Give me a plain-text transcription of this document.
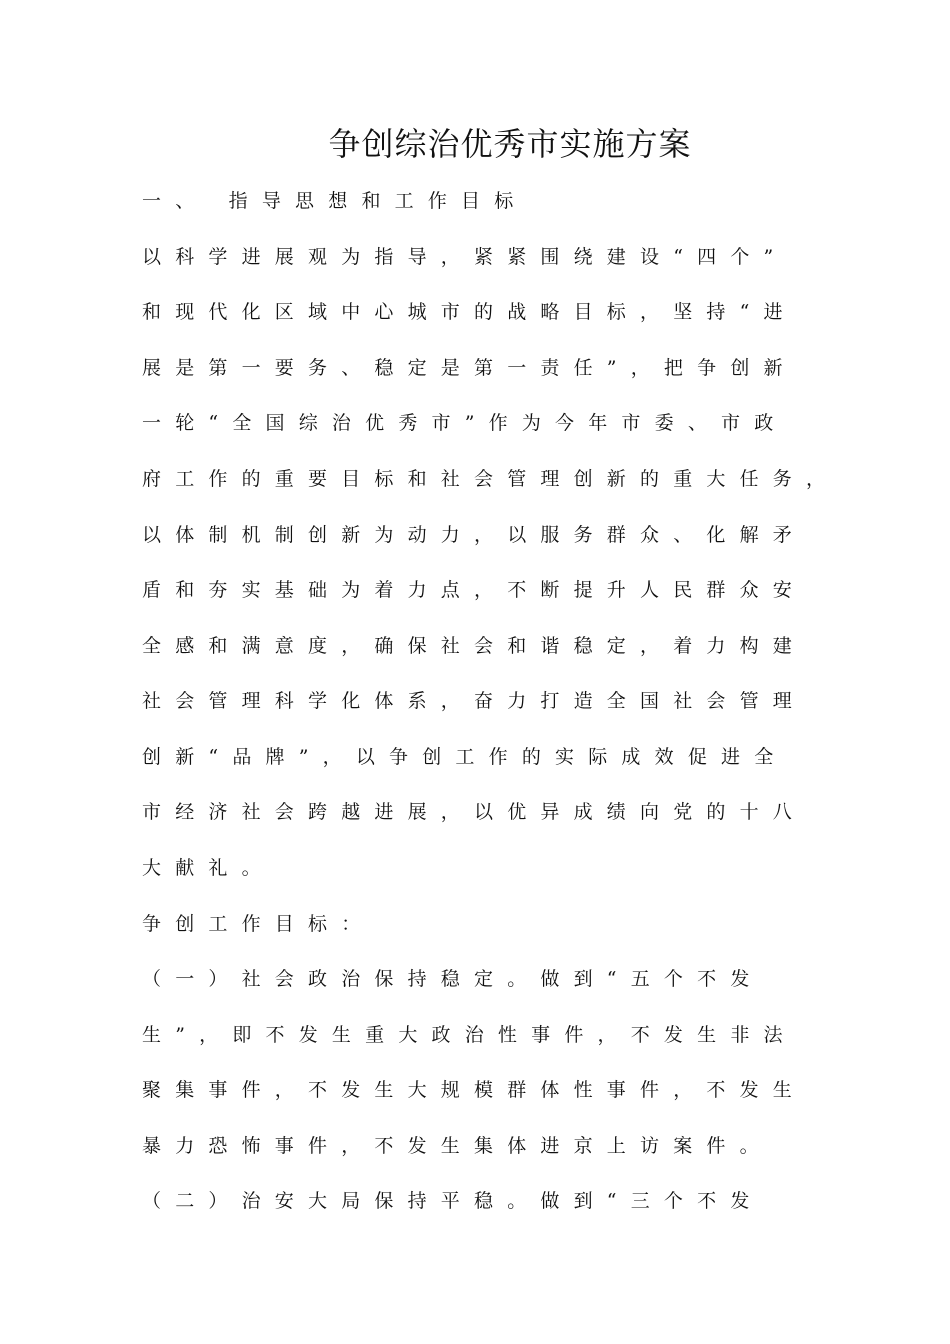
争创综治优秀市实施方案
一、 指导思想和工作目标
以科学进展观为指导，紧紧围绕建设“四个”
和现代化区域中心城市的战略目标，坚持“进
展是第一要务、稳定是第一责任”，把争创新
一轮“全国综治优秀市”作为今年市委、市政
府工作的重要目标和社会管理创新的重大任务，
以体制机制创新为动力，以服务群众、化解矛
盾和夯实基础为着力点，不断提升人民群众安
全感和满意度，确保社会和谐稳定，着力构建
社会管理科学化体系，奋力打造全国社会管理
创新“品牌”，以争创工作的实际成效促进全
市经济社会跨越进展，以优异成绩向党的十八
大献礼。
争创工作目标：
（一）社会政治保持稳定。做到“五个不发
生”，即不发生重大政治性事件，不发生非法
聚集事件，不发生大规模群体性事件，不发生
暴力恐怖事件，不发生集体进京上访案件。
（二）治安大局保持平稳。做到“三个不发
